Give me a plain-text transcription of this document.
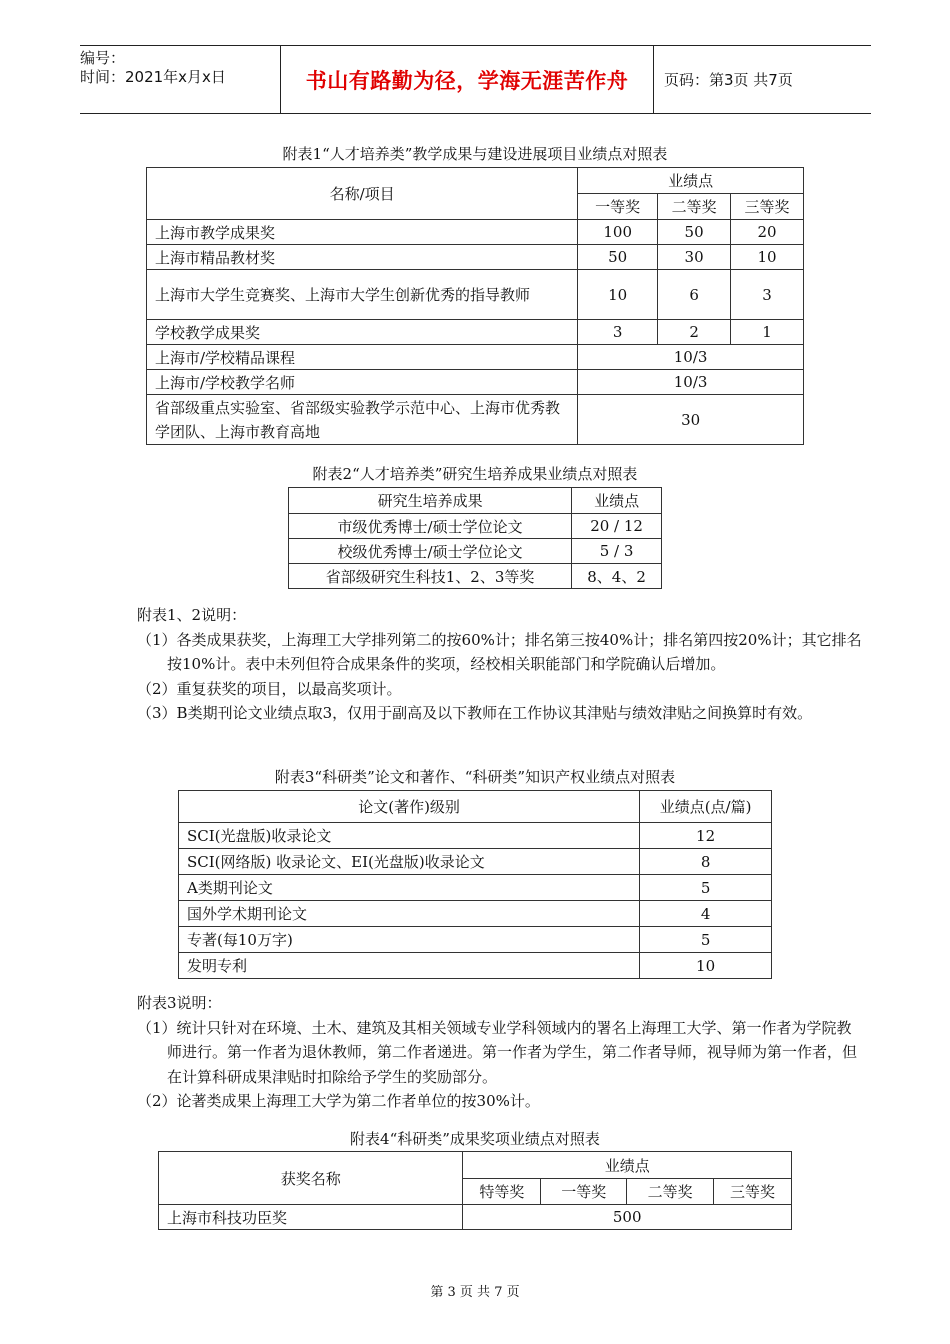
编号：
时间：2021年x月x日	书山有路勤为径，学海无涯苦作舟	页码：第3页 共7页
附表1“人才培养类”教学成果与建设进展项目业绩点对照表
名称/项目	业绩点		
	一等奖	二等奖	三等奖
上海市教学成果奖	100	50	20
上海市精品教材奖	50	30	10
上海市大学生竞赛奖、上海市大学生创新优秀的指导教师	10	6	3
学校教学成果奖	3	2	1
上海市/学校精品课程	10/3		
上海市/学校教学名师	10/3		
省部级重点实验室、省部级实验教学示范中心、上海市优秀教学团队、上海市教育高地	30		
附表2“人才培养类”研究生培养成果业绩点对照表
研究生培养成果	业绩点
市级优秀博士/硕士学位论文	20 / 12
校级优秀博士/硕士学位论文	5 / 3
省部级研究生科技1、2、3等奖	8、4、2

附表1、2说明：

（1）各类成果获奖，上海理工大学排列第二的按60%计；排名第三按40%计；排名第四按20%计；其它排名按10%计。表中未列但符合成果条件的奖项，经校相关职能部门和学院确认后增加。

（2）重复获奖的项目，以最高奖项计。

（3）B类期刊论文业绩点取3，仅用于副高及以下教师在工作协议其津贴与绩效津贴之间换算时有效。

附表3“科研类”论文和著作、“科研类”知识产权业绩点对照表
论文(著作)级别	业绩点(点/篇)
SCI(光盘版)收录论文	12
SCI(网络版) 收录论文、EI(光盘版)收录论文	8
A类期刊论文	5
国外学术期刊论文	4
专著(每10万字)	5
发明专利	10

附表3说明：

（1）统计只针对在环境、土木、建筑及其相关领域专业学科领域内的署名上海理工大学、第一作者为学院教师进行。第一作者为退休教师，第二作者递进。第一作者为学生，第二作者导师，视导师为第一作者，但在计算科研成果津贴时扣除给予学生的奖励部分。

（2）论著类成果上海理工大学为第二作者单位的按30%计。

附表4“科研类”成果奖项业绩点对照表
获奖名称	业绩点			
	特等奖	一等奖	二等奖	三等奖
上海市科技功臣奖	500			
第 3 页 共 7 页
